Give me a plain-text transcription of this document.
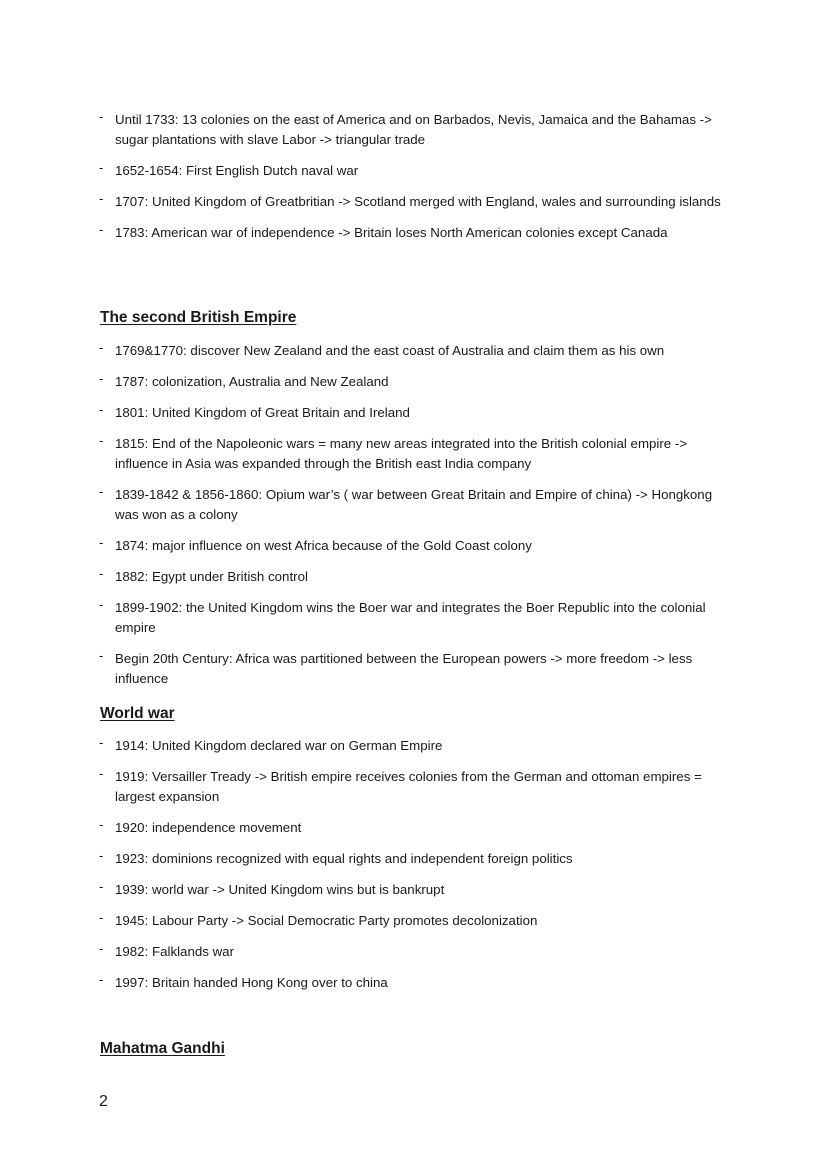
- Until 1733: 13 colonies on the east of America and on Barbados, Nevis, Jamaica and the Bahamas -> sugar plantations with slave Labor -> triangular trade
- 1652-1654: First English Dutch naval war
- 1707: United Kingdom of Greatbritian -> Scotland merged with England, wales and surrounding islands
- 1783: American war of independence -> Britain loses North American colonies except Canada
The second British Empire
- 1769&1770: discover New Zealand and the east coast of Australia and claim them as his own
- 1787: colonization, Australia and New Zealand
- 1801: United Kingdom of Great Britain and Ireland
- 1815: End of the Napoleonic wars = many new areas integrated into the British colonial empire -> influence in Asia was expanded through the British east India company
- 1839-1842 & 1856-1860: Opium war’s ( war between Great Britain and Empire of china) -> Hongkong was won as a colony
- 1874: major influence on west Africa because of the Gold Coast colony
- 1882: Egypt under British control
- 1899-1902: the United Kingdom wins the Boer war and integrates the Boer Republic into the colonial empire
- Begin 20th Century: Africa was partitioned between the European powers -> more freedom -> less influence
World war
- 1914: United Kingdom declared war on German Empire
- 1919: Versailler Tready -> British empire receives colonies from the German and ottoman empires = largest expansion
- 1920: independence movement
- 1923: dominions recognized with equal rights and independent foreign politics
- 1939: world war -> United Kingdom wins but is bankrupt
- 1945: Labour Party -> Social Democratic Party promotes decolonization
- 1982: Falklands war
- 1997: Britain handed Hong Kong over to china
Mahatma Gandhi
2
